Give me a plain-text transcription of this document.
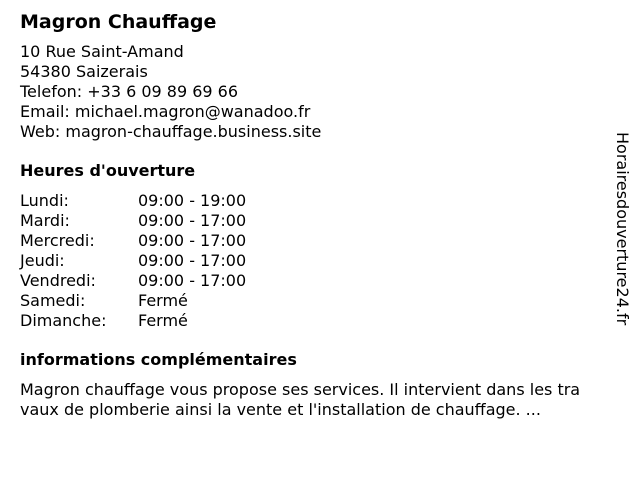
Magron Chauffage
10 Rue Saint-Amand
54380 Saizerais
Telefon: +33 6 09 89 69 66
Email: michael.magron@wanadoo.fr
Web: magron-chauffage.business.site
Heures d'ouverture
Lundi:	09:00 - 19:00
Mardi:	09:00 - 17:00
Mercredi:	09:00 - 17:00
Jeudi:	09:00 - 17:00
Vendredi:	09:00 - 17:00
Samedi:	Fermé
Dimanche:	Fermé
informations complémentaires
Magron chauffage vous propose ses services. Il intervient dans les tra
vaux de plomberie ainsi la vente et l'installation de chauffage. ...
Horairesdouverture24.fr
